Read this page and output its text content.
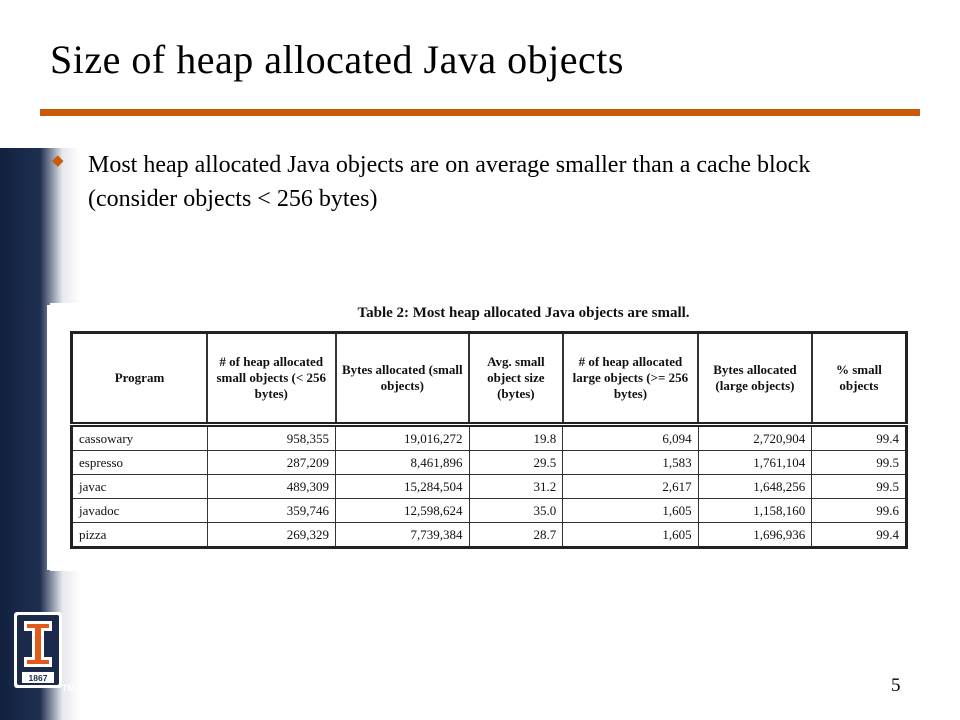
Size of heap allocated Java objects
◆ Most heap allocated Java objects are on average smaller than a cache block (consider objects < 256 bytes)
Table 2: Most heap allocated Java objects are small.
Program	# of heap allocated small objects (< 256 bytes)	Bytes allocated (small objects)	Avg. small object size (bytes)	# of heap allocated large objects (>= 256 bytes)	Bytes allocated (large objects)	% small objects
cassowary	958,355	19,016,272	19.8	6,094	2,720,904	99.4
espresso	287,209	8,461,896	29.5	1,583	1,761,104	99.5
javac	489,309	15,284,504	31.2	2,617	1,648,256	99.5
javadoc	359,746	12,598,624	35.0	1,605	1,158,160	99.6
pizza	269,329	7,739,384	28.7	1,605	1,696,936	99.4
1867
TM	5
